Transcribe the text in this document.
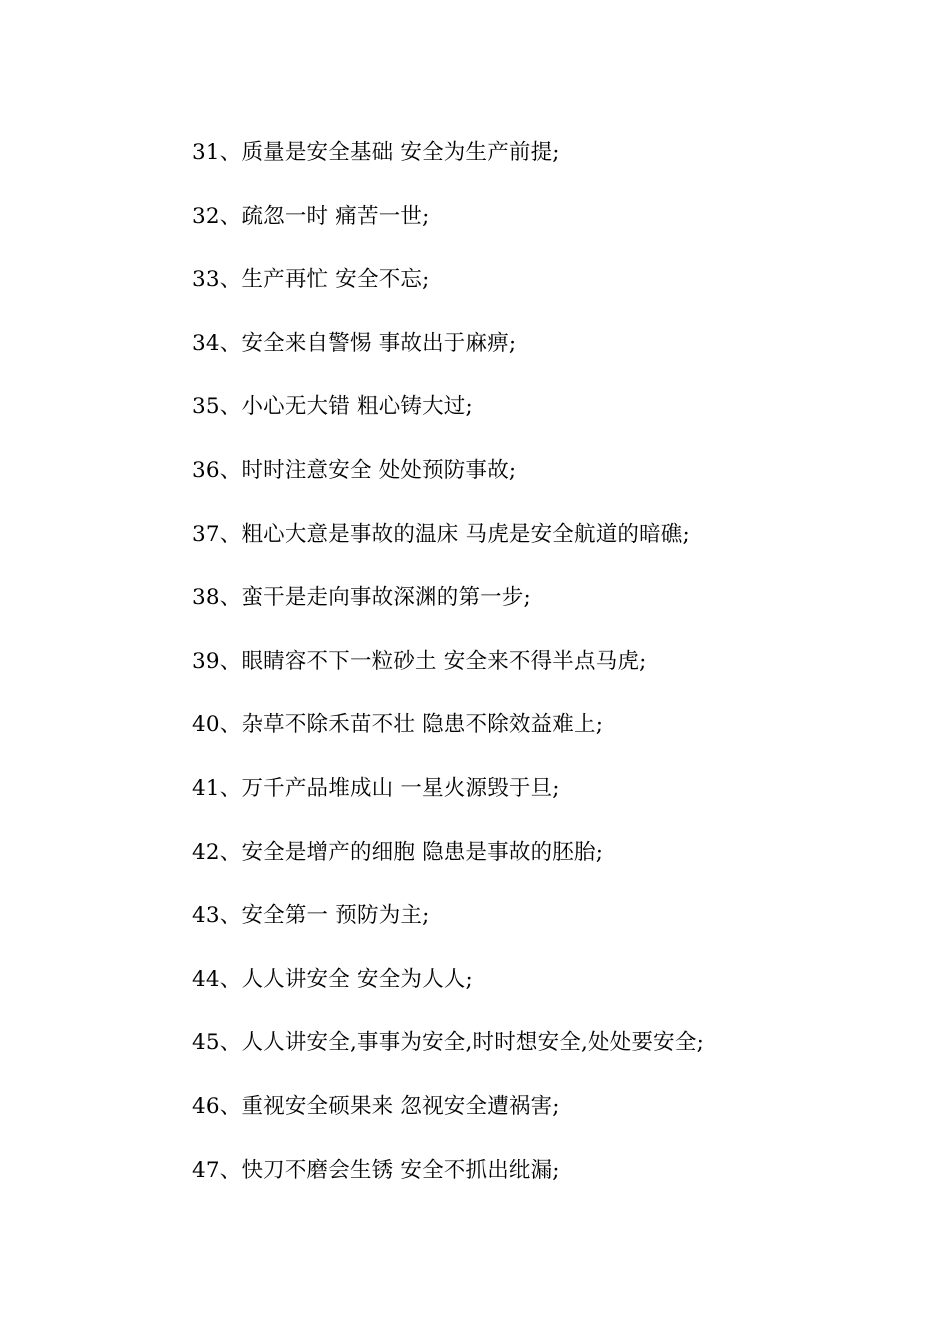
31、质量是安全基础 安全为生产前提;
32、疏忽一时 痛苦一世;
33、生产再忙 安全不忘;
34、安全来自警惕 事故出于麻痹;
35、小心无大错 粗心铸大过;
36、时时注意安全 处处预防事故;
37、粗心大意是事故的温床 马虎是安全航道的暗礁;
38、蛮干是走向事故深渊的第一步;
39、眼睛容不下一粒砂土 安全来不得半点马虎;
40、杂草不除禾苗不壮 隐患不除效益难上;
41、万千产品堆成山 一星火源毁于旦;
42、安全是增产的细胞 隐患是事故的胚胎;
43、安全第一 预防为主;
44、人人讲安全 安全为人人;
45、人人讲安全,事事为安全,时时想安全,处处要安全;
46、重视安全硕果来 忽视安全遭祸害;
47、快刀不磨会生锈 安全不抓出纰漏;
